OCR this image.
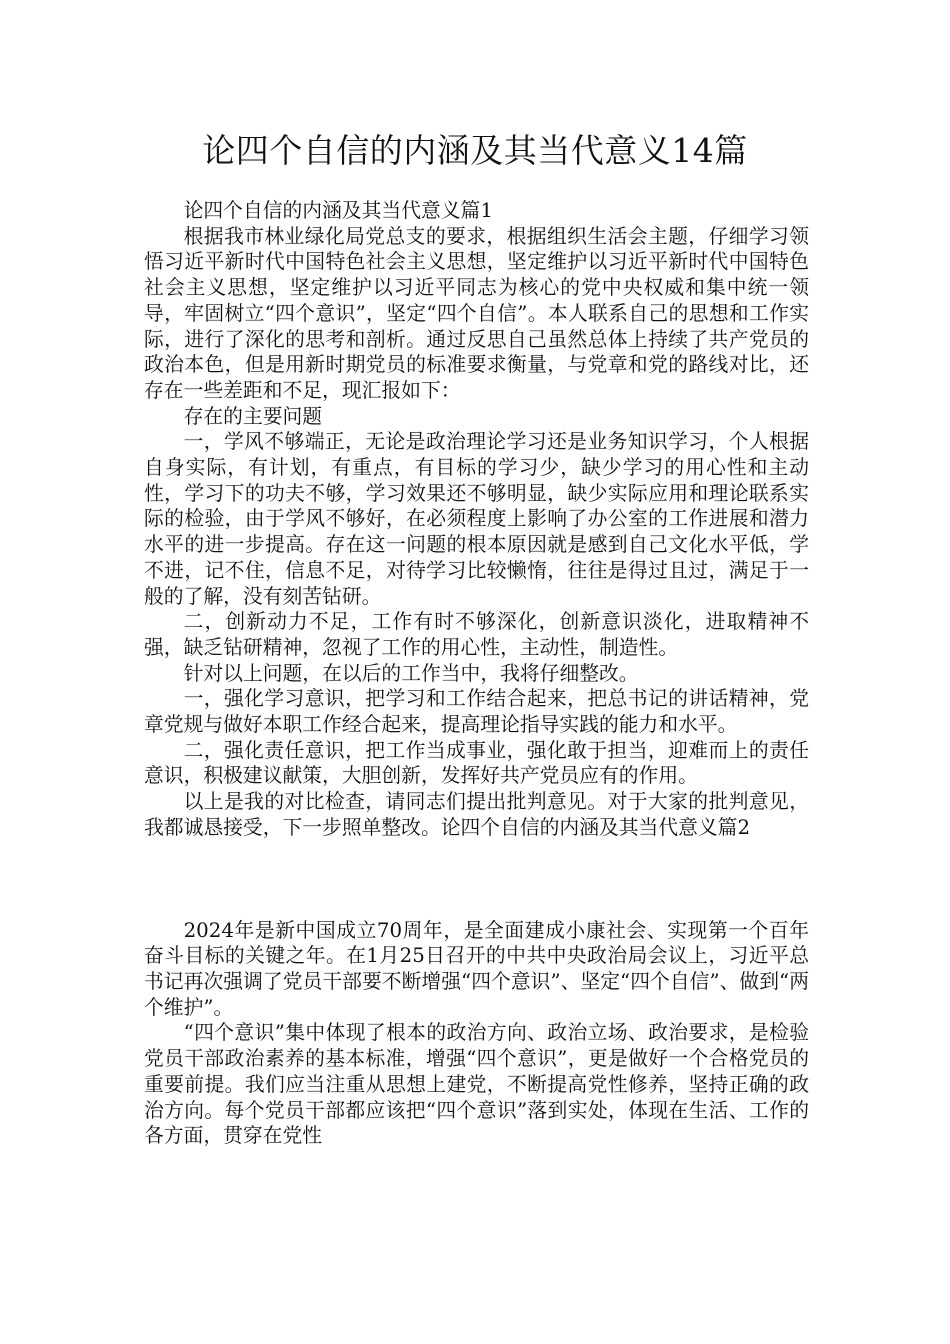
论四个自信的内涵及其当代意义14篇

论四个自信的内涵及其当代意义篇1

根据我市林业绿化局党总支的要求，根据组织生活会主题，仔细学习领悟习近平新时代中国特色社会主义思想，坚定维护以习近平新时代中国特色社会主义思想，坚定维护以习近平同志为核心的党中央权威和集中统一领导，牢固树立“四个意识”，坚定“四个自信”。本人联系自己的思想和工作实际，进行了深化的思考和剖析。通过反思自己虽然总体上持续了共产党员的政治本色，但是用新时期党员的标准要求衡量，与党章和党的路线对比，还存在一些差距和不足，现汇报如下：

存在的主要问题

一，学风不够端正，无论是政治理论学习还是业务知识学习，个人根据自身实际，有计划，有重点，有目标的学习少，缺少学习的用心性和主动性，学习下的功夫不够，学习效果还不够明显，缺少实际应用和理论联系实际的检验，由于学风不够好，在必须程度上影响了办公室的工作进展和潜力水平的进一步提高。存在这一问题的根本原因就是感到自己文化水平低，学不进，记不住，信息不足，对待学习比较懒惰，往往是得过且过，满足于一般的了解，没有刻苦钻研。

二，创新动力不足，工作有时不够深化，创新意识淡化，进取精神不强，缺乏钻研精神，忽视了工作的用心性，主动性，制造性。

针对以上问题，在以后的工作当中，我将仔细整改。

一，强化学习意识，把学习和工作结合起来，把总书记的讲话精神，党章党规与做好本职工作经合起来，提高理论指导实践的能力和水平。

二，强化责任意识，把工作当成事业，强化敢于担当，迎难而上的责任意识，积极建议献策，大胆创新，发挥好共产党员应有的作用。

以上是我的对比检查，请同志们提出批判意见。对于大家的批判意见，我都诚恳接受，下一步照单整改。论四个自信的内涵及其当代意义篇2

2024年是新中国成立70周年，是全面建成小康社会、实现第一个百年奋斗目标的关键之年。在1月25日召开的中共中央政治局会议上，习近平总书记再次强调了党员干部要不断增强“四个意识”、坚定“四个自信”、做到“两个维护”。

“四个意识”集中体现了根本的政治方向、政治立场、政治要求，是检验党员干部政治素养的基本标准，增强“四个意识”，更是做好一个合格党员的重要前提。我们应当注重从思想上建党，不断提高党性修养，坚持正确的政治方向。每个党员干部都应该把“四个意识”落到实处，体现在生活、工作的各方面，贯穿在党性
